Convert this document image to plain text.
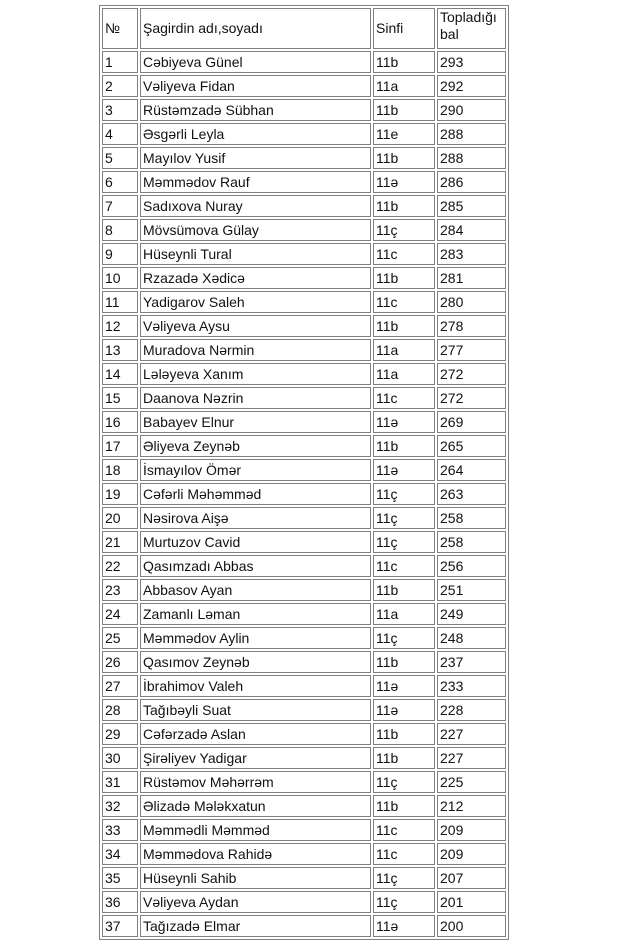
№	Şagirdin adı,soyadı	Sinfi	Topladığı bal
1	Cəbiyeva Günel	11b	293
2	Vəliyeva Fidan	11a	292
3	Rüstəmzadə Sübhan	11b	290
4	Əsgərli Leyla	11e	288
5	Mayılov Yusif	11b	288
6	Məmmədov Rauf	11ə	286
7	Sadıxova Nuray	11b	285
8	Mövsümova Gülay	11ç	284
9	Hüseynli Tural	11c	283
10	Rzazadə Xədicə	11b	281
11	Yadigarov Saleh	11c	280
12	Vəliyeva Aysu	11b	278
13	Muradova Nərmin	11a	277
14	Lələyeva Xanım	11a	272
15	Daanova Nəzrin	11c	272
16	Babayev Elnur	11ə	269
17	Əliyeva Zeynəb	11b	265
18	İsmayılov Ömər	11ə	264
19	Cəfərli Məhəmməd	11ç	263
20	Nəsirova Aişə	11ç	258
21	Murtuzov Cavid	11ç	258
22	Qasımzadı Abbas	11c	256
23	Abbasov Ayan	11b	251
24	Zamanlı Ləman	11a	249
25	Məmmədov Aylin	11ç	248
26	Qasımov Zeynəb	11b	237
27	İbrahimov Valeh	11ə	233
28	Tağıbəyli Suat	11ə	228
29	Cəfərzadə Aslan	11b	227
30	Şirəliyev Yadigar	11b	227
31	Rüstəmov Məhərrəm	11ç	225
32	Əlizadə Mələkxatun	11b	212
33	Məmmədli Məmməd	11c	209
34	Məmmədova Rahidə	11c	209
35	Hüseynli Sahib	11ç	207
36	Vəliyeva Aydan	11ç	201
37	Tağızadə Elmar	11ə	200
